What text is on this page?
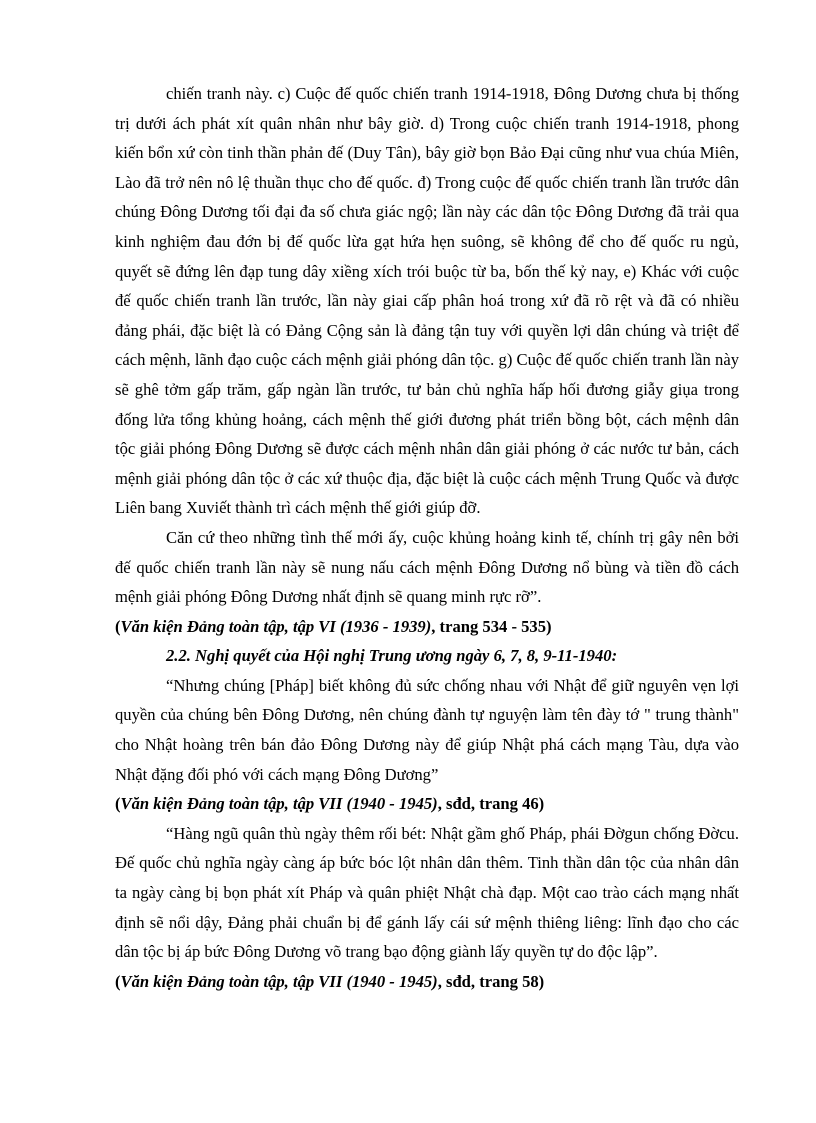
chiến tranh này. c) Cuộc đế quốc chiến tranh 1914-1918, Đông Dương chưa bị thống trị dưới ách phát xít quân nhân như bây giờ. d) Trong cuộc chiến tranh 1914-1918, phong kiến bổn xứ còn tinh thần phản đế (Duy Tân), bây giờ bọn Bảo Đại cũng như vua chúa Miên, Lào đã trở nên nô lệ thuần thục cho đế quốc. đ) Trong cuộc đế quốc chiến tranh lần trước dân chúng Đông Dương tối đại đa số chưa giác ngộ; lần này các dân tộc Đông Dương đã trải qua kinh nghiệm đau đớn bị đế quốc lừa gạt hứa hẹn suông, sẽ không để cho đế quốc ru ngủ, quyết sẽ đứng lên đạp tung dây xiềng xích trói buộc từ ba, bốn thế kỷ nay, e) Khác với cuộc đế quốc chiến tranh lần trước, lần này giai cấp phân hoá trong xứ đã rõ rệt và đã có nhiều đảng phái, đặc biệt là có Đảng Cộng sản là đảng tận tuy với quyền lợi dân chúng và triệt để cách mệnh, lãnh đạo cuộc cách mệnh giải phóng dân tộc. g) Cuộc đế quốc chiến tranh lần này sẽ ghê tởm gấp trăm, gấp ngàn lần trước, tư bản chủ nghĩa hấp hối đương giẫy giụa trong đống lửa tổng khủng hoảng, cách mệnh thế giới đương phát triển bồng bột, cách mệnh dân tộc giải phóng Đông Dương sẽ được cách mệnh nhân dân giải phóng ở các nước tư bản, cách mệnh giải phóng dân tộc ở các xứ thuộc địa, đặc biệt là cuộc cách mệnh Trung Quốc và được Liên bang Xuviết thành trì cách mệnh thế giới giúp đỡ.

Căn cứ theo những tình thế mới ấy, cuộc khủng hoảng kinh tế, chính trị gây nên bởi đế quốc chiến tranh lần này sẽ nung nấu cách mệnh Đông Dương nổ bùng và tiền đồ cách mệnh giải phóng Đông Dương nhất định sẽ quang minh rực rỡ”.

(Văn kiện Đảng toàn tập, tập VI (1936 - 1939), trang 534 - 535)

2.2. Nghị quyết của Hội nghị Trung ương ngày 6, 7, 8, 9-11-1940:

“Nhưng chúng [Pháp] biết không đủ sức chống nhau với Nhật để giữ nguyên vẹn lợi quyền của chúng bên Đông Dương, nên chúng đành tự nguyện làm tên đày tớ " trung thành" cho Nhật hoàng trên bán đảo Đông Dương này để giúp Nhật phá cách mạng Tàu, dựa vào Nhật đặng đối phó với cách mạng Đông Dương”

(Văn kiện Đảng toàn tập, tập VII (1940 - 1945), sđd, trang 46)

“Hàng ngũ quân thù ngày thêm rối bét: Nhật gầm ghố Pháp, phái Đờgun chống Đờcu. Đế quốc chủ nghĩa ngày càng áp bức bóc lột nhân dân thêm. Tinh thần dân tộc của nhân dân ta ngày càng bị bọn phát xít Pháp và quân phiệt Nhật chà đạp. Một cao trào cách mạng nhất định sẽ nổi dậy, Đảng phải chuẩn bị để gánh lấy cái sứ mệnh thiêng liêng: lĩnh đạo cho các dân tộc bị áp bức Đông Dương võ trang bạo động giành lấy quyền tự do độc lập”.

(Văn kiện Đảng toàn tập, tập VII (1940 - 1945), sđd, trang 58)
